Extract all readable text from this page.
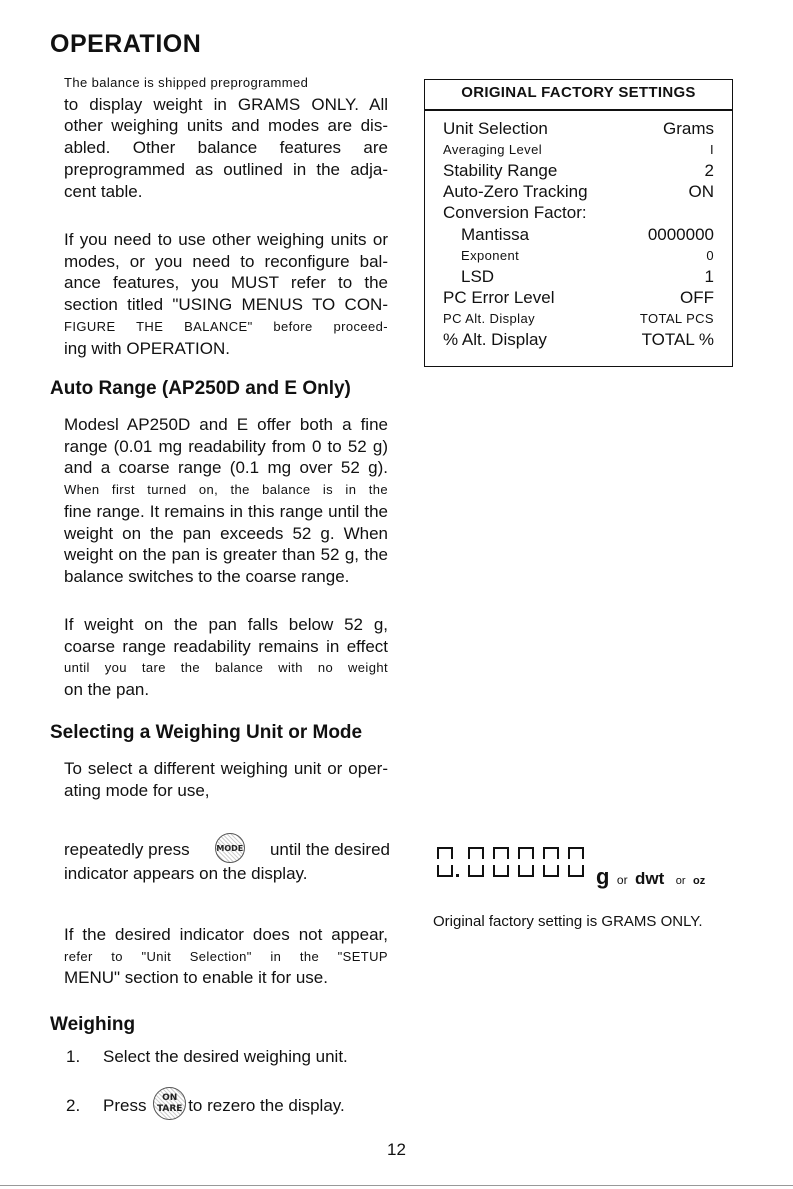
OPERATION
The balance is shipped preprogrammed
to display weight in GRAMS ONLY. All
other weighing units and modes are dis-
abled. Other balance features are
preprogrammed as outlined in the adja-
cent table.
If you need to use other weighing units or
modes, or you need to reconfigure bal-
ance features, you MUST refer to the
section titled "USING MENUS TO CON-
FIGURE THE BALANCE" before proceed-
ing with OPERATION.
ORIGINAL FACTORY SETTINGS
Unit Selection	Grams
Averaging Level	I
Stability Range	2
Auto-Zero Tracking	ON
Conversion Factor:
Mantissa	0000000
Exponent	0
LSD	1
PC Error Level	OFF
PC Alt. Display	TOTAL PCS
% Alt. Display	TOTAL %
Auto Range (AP250D and E Only)
Modesl AP250D and E offer both a fine
range (0.01 mg readability from 0 to 52 g)
and a coarse range (0.1 mg over 52 g).
When first turned on, the balance is in the
fine range. It remains in this range until the
weight on the pan exceeds 52 g. When
weight on the pan is greater than 52 g, the
balance switches to the coarse range.
If weight on the pan falls below 52 g,
coarse range readability remains in effect
until you tare the balance with no weight
on the pan.
Selecting a Weighing Unit or Mode
To select a different weighing unit or oper-
ating mode for use,
repeatedly press	MODE until the desired
indicator appears on the display.
If the desired indicator does not appear,
refer to "Unit Selection" in the "SETUP
MENU" section to enable it for use.
g or dwt or oz
Original factory setting is GRAMS ONLY.
Weighing
1. Select the desired weighing unit.
2. Press	ON
TARE to rezero the display.
12
